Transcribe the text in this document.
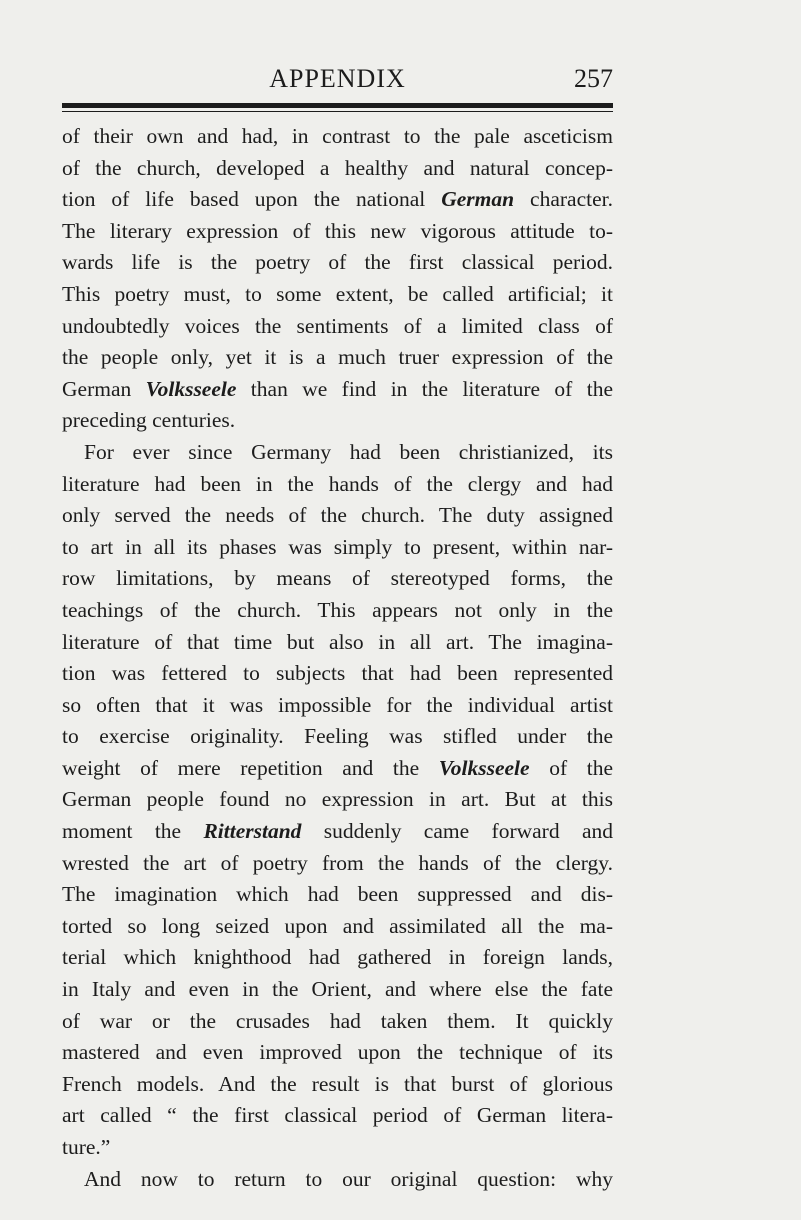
APPENDIX	257
of their own and had, in contrast to the pale asceticism
of the church, developed a healthy and natural concep-
tion of life based upon the national German character.
The literary expression of this new vigorous attitude to-
wards life is the poetry of the first classical period.
This poetry must, to some extent, be called artificial; it
undoubtedly voices the sentiments of a limited class of
the people only, yet it is a much truer expression of the
German Volksseele than we find in the literature of the
preceding centuries.
For ever since Germany had been christianized, its
literature had been in the hands of the clergy and had
only served the needs of the church. The duty assigned
to art in all its phases was simply to present, within nar-
row limitations, by means of stereotyped forms, the
teachings of the church. This appears not only in the
literature of that time but also in all art. The imagina-
tion was fettered to subjects that had been represented
so often that it was impossible for the individual artist
to exercise originality. Feeling was stifled under the
weight of mere repetition and the Volksseele of the
German people found no expression in art. But at this
moment the Ritterstand suddenly came forward and
wrested the art of poetry from the hands of the clergy.
The imagination which had been suppressed and dis-
torted so long seized upon and assimilated all the ma-
terial which knighthood had gathered in foreign lands,
in Italy and even in the Orient, and where else the fate
of war or the crusades had taken them. It quickly
mastered and even improved upon the technique of its
French models. And the result is that burst of glorious
art called “ the first classical period of German litera-
ture.”
And now to return to our original question: why
